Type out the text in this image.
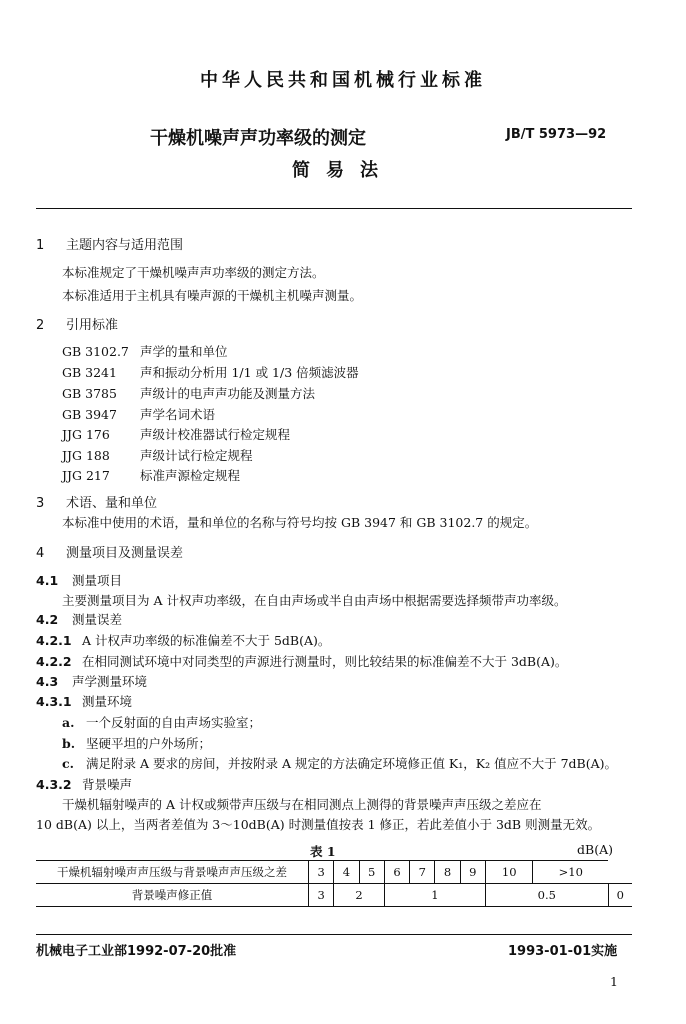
中华人民共和国机械行业标准
干燥机噪声声功率级的测定	JB/T 5973—92
简易法
1 主题内容与适用范围
本标准规定了干燥机噪声声功率级的测定方法。
本标准适用于主机具有噪声源的干燥机主机噪声测量。
2 引用标准
GB 3102.7 声学的量和单位
GB 3241 声和振动分析用 1/1 或 1/3 倍频滤波器
GB 3785 声级计的电声声功能及测量方法
GB 3947 声学名词术语
JJG 176 声级计校准器试行检定规程
JJG 188 声级计试行检定规程
JJG 217 标准声源检定规程
3 术语、量和单位
本标准中使用的术语，量和单位的名称与符号均按 GB 3947 和 GB 3102.7 的规定。
4 测量项目及测量误差
4.1 测量项目
主要测量项目为 A 计权声功率级，在自由声场或半自由声场中根据需要选择频带声功率级。
4.2 测量误差
4.2.1 A 计权声功率级的标准偏差不大于 5dB(A)。
4.2.2 在相同测试环境中对同类型的声源进行测量时，则比较结果的标准偏差不大于 3dB(A)。
4.3 声学测量环境
4.3.1 测量环境
a. 一个反射面的自由声场实验室；
b. 坚硬平坦的户外场所；
c. 满足附录 A 要求的房间，并按附录 A 规定的方法确定环境修正值 K₁，K₂ 值应不大于 7dB(A)。
4.3.2 背景噪声
干燥机辐射噪声的 A 计权或频带声压级与在相同测点上测得的背景噪声声压级之差应在
10 dB(A) 以上，当两者差值为 3～10dB(A) 时测量值按表 1 修正，若此差值小于 3dB 则测量无效。
表 1	dB(A)
干燥机辐射噪声声压级与背景噪声声压级之差	3	4	5	6	7	8	9	10	>10	
背景噪声修正值	3	2		1				0.5		0
机械电子工业部1992-07-20批准	1993-01-01实施
1
